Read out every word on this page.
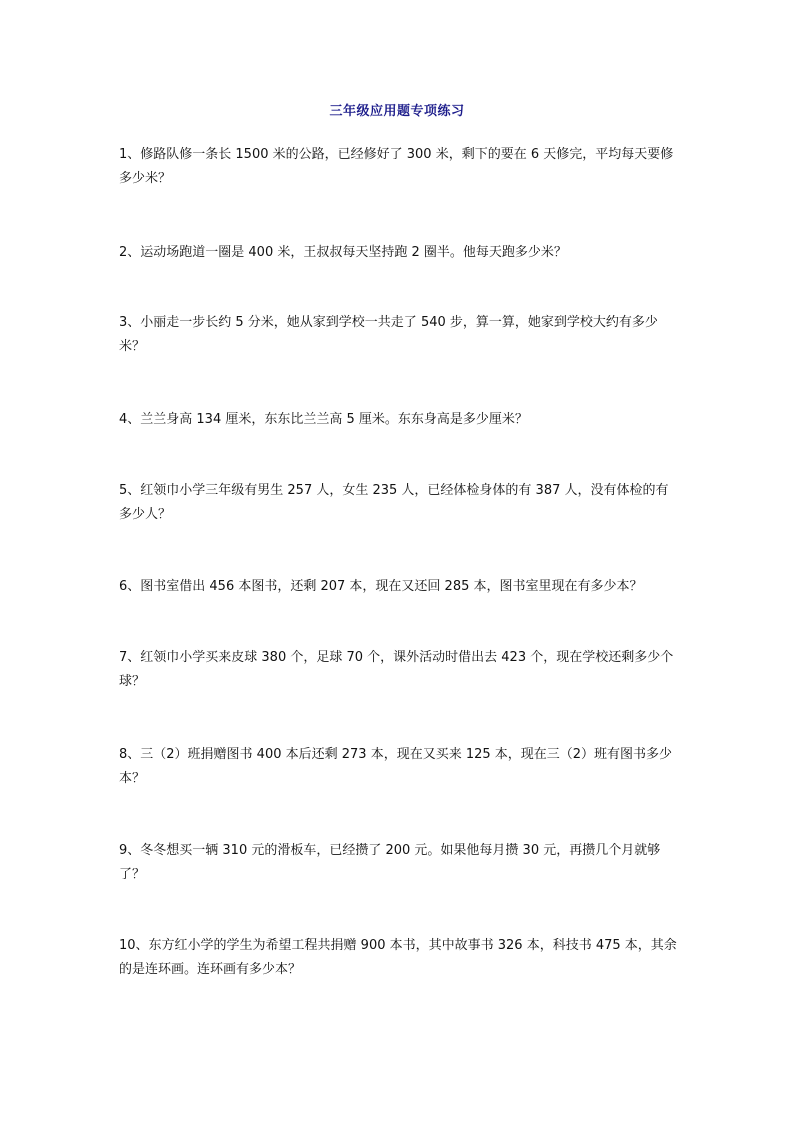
三年级应用题专项练习
1、修路队修一条长 1500 米的公路，已经修好了 300 米，剩下的要在 6 天修完，平均每天要修多少米？
2、运动场跑道一圈是 400 米，王叔叔每天坚持跑 2 圈半。他每天跑多少米？
3、小丽走一步长约 5 分米，她从家到学校一共走了 540 步，算一算，她家到学校大约有多少米？
4、兰兰身高 134 厘米，东东比兰兰高 5 厘米。东东身高是多少厘米？
5、红领巾小学三年级有男生 257 人，女生 235 人，已经体检身体的有 387 人，没有体检的有多少人？
6、图书室借出 456 本图书，还剩 207 本，现在又还回 285 本，图书室里现在有多少本？
7、红领巾小学买来皮球 380 个，足球 70 个，课外活动时借出去 423 个，现在学校还剩多少个球？
8、三（2）班捐赠图书 400 本后还剩 273 本，现在又买来 125 本，现在三（2）班有图书多少本？
9、冬冬想买一辆 310 元的滑板车，已经攒了 200 元。如果他每月攒 30 元，再攒几个月就够了？
10、东方红小学的学生为希望工程共捐赠 900 本书，其中故事书 326 本，科技书 475 本，其余的是连环画。连环画有多少本？
